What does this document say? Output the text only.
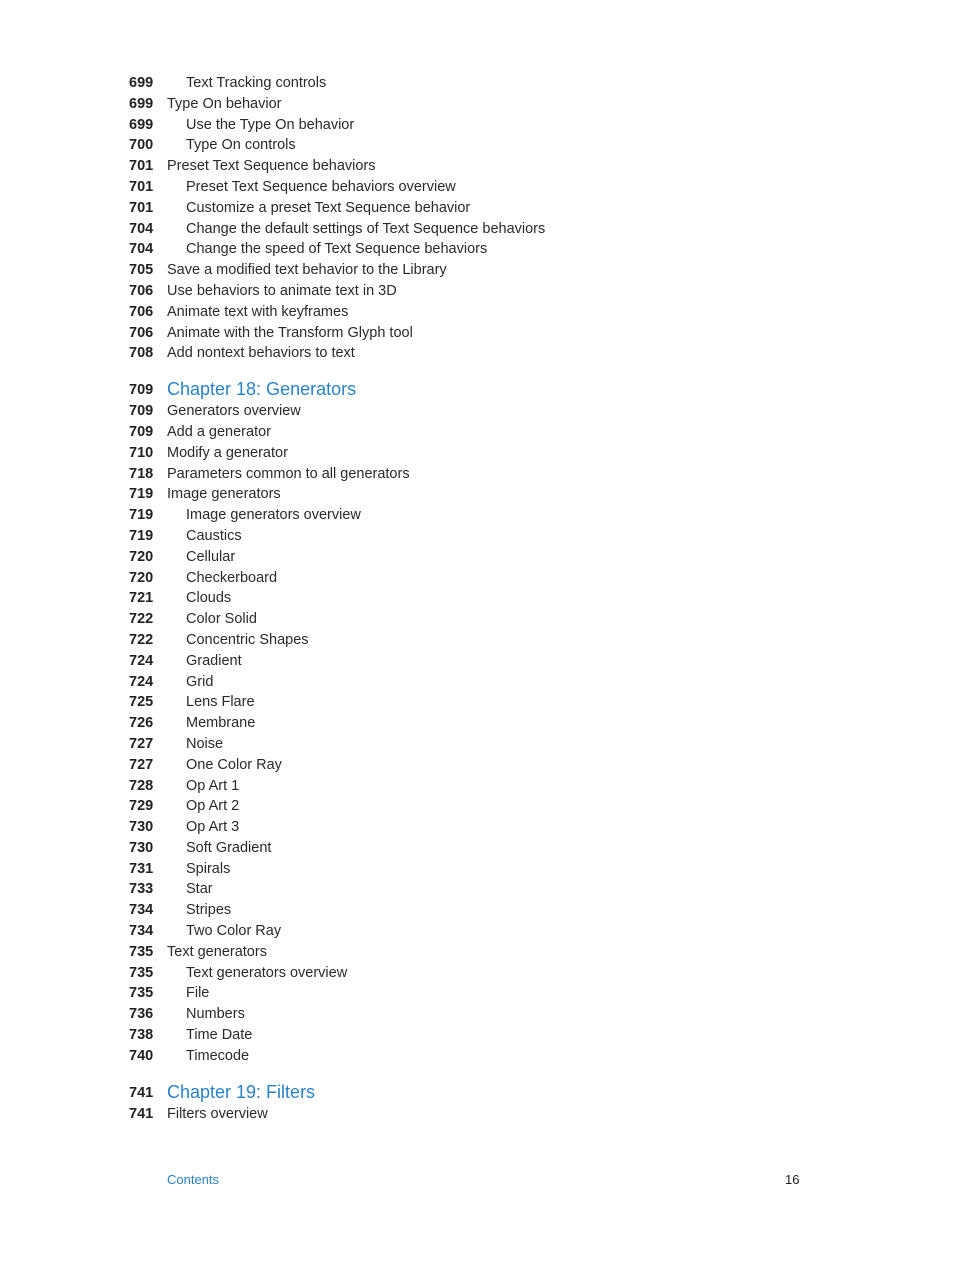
699 Text Tracking controls
699 Type On behavior
699 Use the Type On behavior
700 Type On controls
701 Preset Text Sequence behaviors
701 Preset Text Sequence behaviors overview
701 Customize a preset Text Sequence behavior
704 Change the default settings of Text Sequence behaviors
704 Change the speed of Text Sequence behaviors
705 Save a modified text behavior to the Library
706 Use behaviors to animate text in 3D
706 Animate text with keyframes
706 Animate with the Transform Glyph tool
708 Add nontext behaviors to text
709 Chapter 18: Generators
709 Generators overview
709 Add a generator
710 Modify a generator
718 Parameters common to all generators
719 Image generators
719 Image generators overview
719 Caustics
720 Cellular
720 Checkerboard
721 Clouds
722 Color Solid
722 Concentric Shapes
724 Gradient
724 Grid
725 Lens Flare
726 Membrane
727 Noise
727 One Color Ray
728 Op Art 1
729 Op Art 2
730 Op Art 3
730 Soft Gradient
731 Spirals
733 Star
734 Stripes
734 Two Color Ray
735 Text generators
735 Text generators overview
735 File
736 Numbers
738 Time Date
740 Timecode
741 Chapter 19: Filters
741 Filters overview
Contents	16
